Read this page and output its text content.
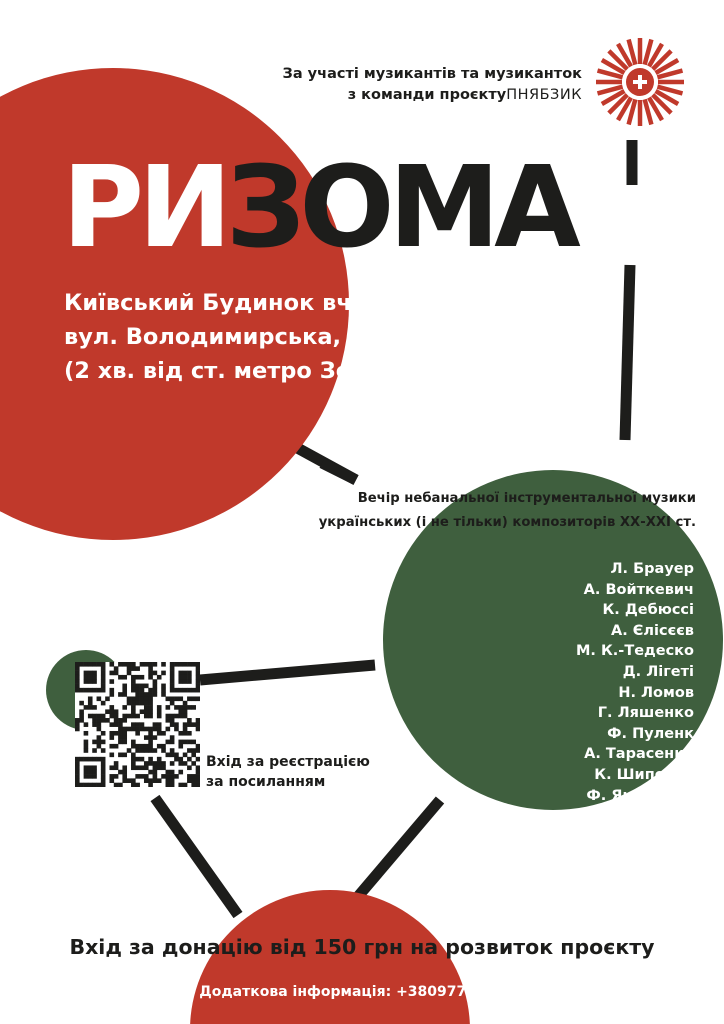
За участі музикантів та музиканток
з команди проєктуПНЯБЗИК
РИЗОМА
Київський Будинок вчених НАН України
вул. Володимирська, 45-А
(2 хв. від ст. метро Золоті Ворота)
Вечір небанальної інструментальної музики
українських (і не тільки) композиторів ХХ-ХХІ ст.
Л. Брауер
А. Войткевич
К. Дебюссі
А. Єлісєєв
М. К.-Тедеско
Д. Лігеті
Н. Ломов
Г. Ляшенко
Ф. Пуленк
А. Тарасенко
К. Шипович
Ф. Якименко
Вхід за реєстрацією
за посиланням
Вхід за донацію від 150 грн на розвиток проєкту
Додаткова інформація: +380977690561
